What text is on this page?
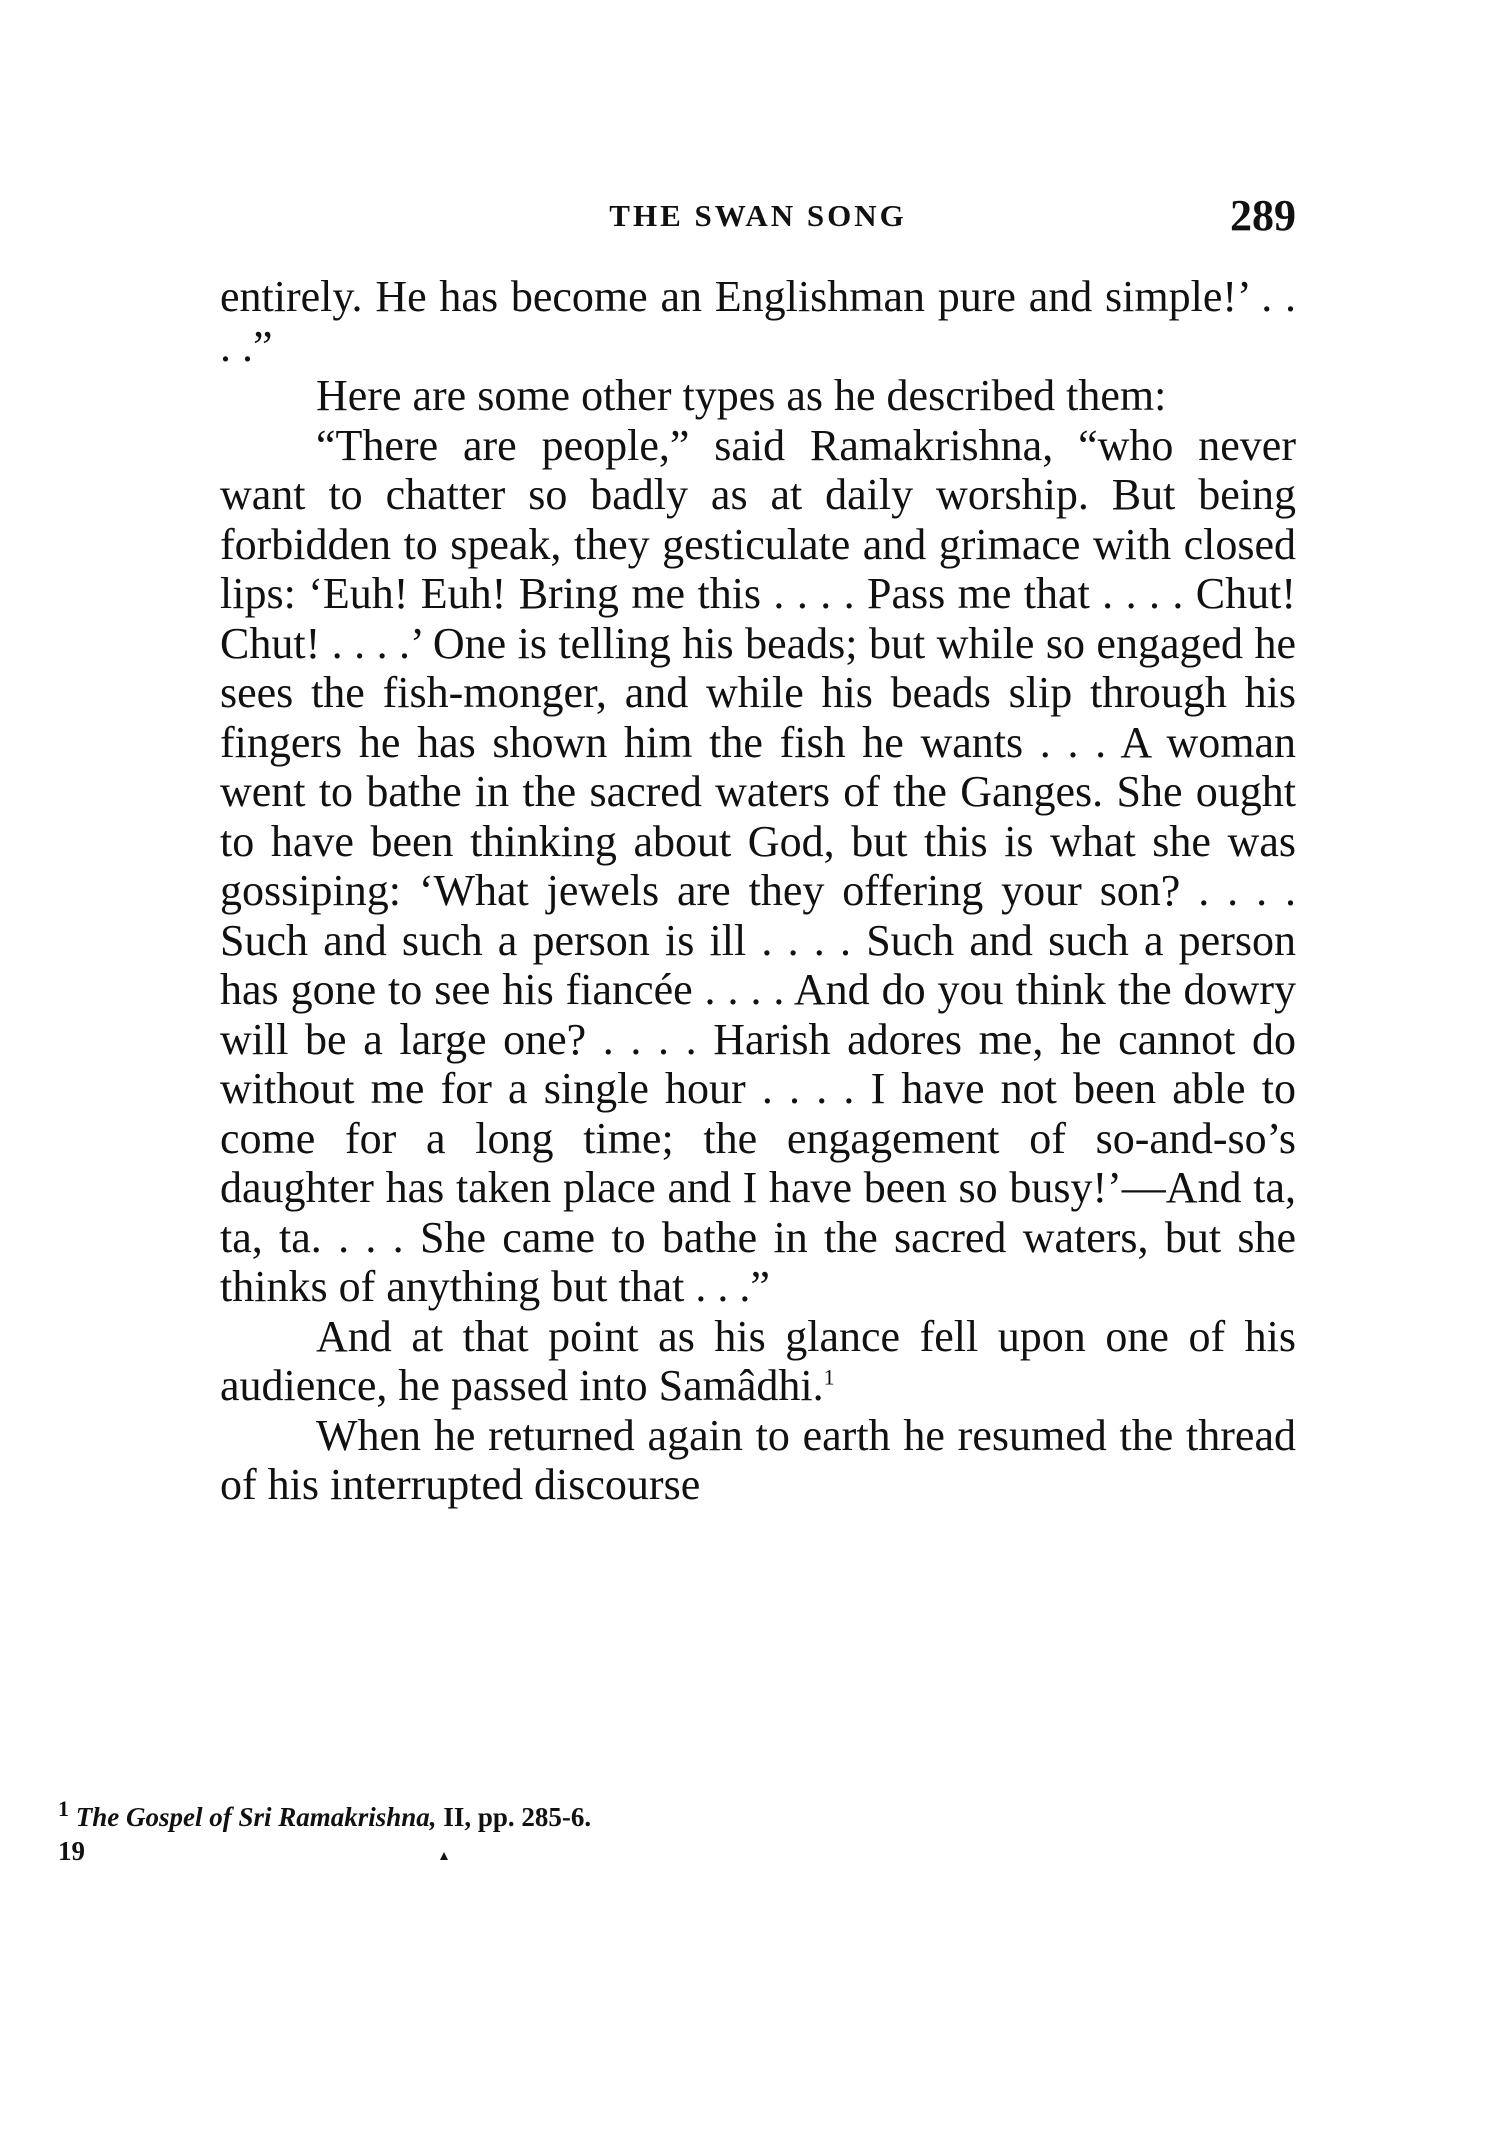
THE SWAN SONG	289

entirely. He has become an Englishman pure and simple!’ . . . .”

Here are some other types as he described them:

“There are people,” said Ramakrishna, “who never want to chatter so badly as at daily worship. But being forbidden to speak, they gesticulate and grimace with closed lips: ‘Euh! Euh! Bring me this . . . . Pass me that . . . . Chut! Chut! . . . .’ One is telling his beads; but while so engaged he sees the fish-monger, and while his beads slip through his fingers he has shown him the fish he wants . . . A woman went to bathe in the sacred waters of the Ganges. She ought to have been thinking about God, but this is what she was gossiping: ‘What jewels are they offering your son? . . . . Such and such a person is ill . . . . Such and such a person has gone to see his fiancée . . . . And do you think the dowry will be a large one? . . . . Harish adores me, he cannot do without me for a single hour . . . . I have not been able to come for a long time; the engagement of so-and-so’s daughter has taken place and I have been so busy!’—And ta, ta, ta. . . . She came to bathe in the sacred waters, but she thinks of anything but that . . .”

And at that point as his glance fell upon one of his audience, he passed into Samâdhi.$^1$

When he returned again to earth he resumed the thread of his interrupted discourse

$^1$ The Gospel of Sri Ramakrishna, II, pp. 285-6.
19
